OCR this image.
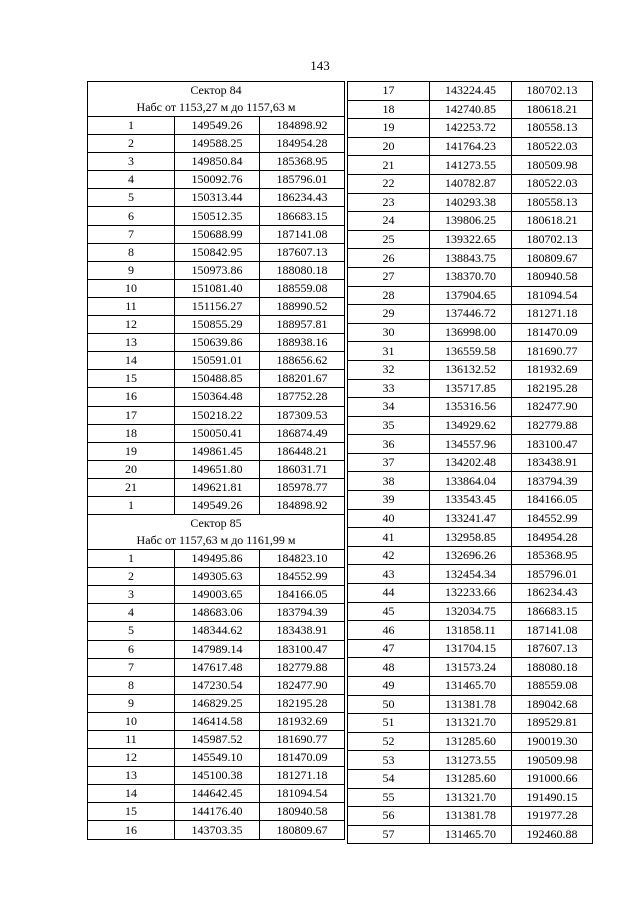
143
Сектор 84
Набс от 1153,27 м до 1157,63 м		

1	149549.26	184898.92
2	149588.25	184954.28
3	149850.84	185368.95
4	150092.76	185796.01
5	150313.44	186234.43
6	150512.35	186683.15
7	150688.99	187141.08
8	150842.95	187607.13
9	150973.86	188080.18
10	151081.40	188559.08
11	151156.27	188990.52
12	150855.29	188957.81
13	150639.86	188938.16
14	150591.01	188656.62
15	150488.85	188201.67
16	150364.48	187752.28
17	150218.22	187309.53
18	150050.41	186874.49
19	149861.45	186448.21
20	149651.80	186031.71
21	149621.81	185978.77
1	149549.26	184898.92

Сектор 85
Набс от 1157,63 м до 1161,99 м		

1	149495.86	184823.10
2	149305.63	184552.99
3	149003.65	184166.05
4	148683.06	183794.39
5	148344.62	183438.91
6	147989.14	183100.47
7	147617.48	182779.88
8	147230.54	182477.90
9	146829.25	182195.28
10	146414.58	181932.69
11	145987.52	181690.77
12	145549.10	181470.09
13	145100.38	181271.18
14	144642.45	181094.54
15	144176.40	180940.58
16	143703.35	180809.67
17	143224.45	180702.13
18	142740.85	180618.21
19	142253.72	180558.13
20	141764.23	180522.03
21	141273.55	180509.98
22	140782.87	180522.03
23	140293.38	180558.13
24	139806.25	180618.21
25	139322.65	180702.13
26	138843.75	180809.67
27	138370.70	180940.58
28	137904.65	181094.54
29	137446.72	181271.18
30	136998.00	181470.09
31	136559.58	181690.77
32	136132.52	181932.69
33	135717.85	182195.28
34	135316.56	182477.90
35	134929.62	182779.88
36	134557.96	183100.47
37	134202.48	183438.91
38	133864.04	183794.39
39	133543.45	184166.05
40	133241.47	184552.99
41	132958.85	184954.28
42	132696.26	185368.95
43	132454.34	185796.01
44	132233.66	186234.43
45	132034.75	186683.15
46	131858.11	187141.08
47	131704.15	187607.13
48	131573.24	188080.18
49	131465.70	188559.08
50	131381.78	189042.68
51	131321.70	189529.81
52	131285.60	190019.30
53	131273.55	190509.98
54	131285.60	191000.66
55	131321.70	191490.15
56	131381.78	191977.28
57	131465.70	192460.88
